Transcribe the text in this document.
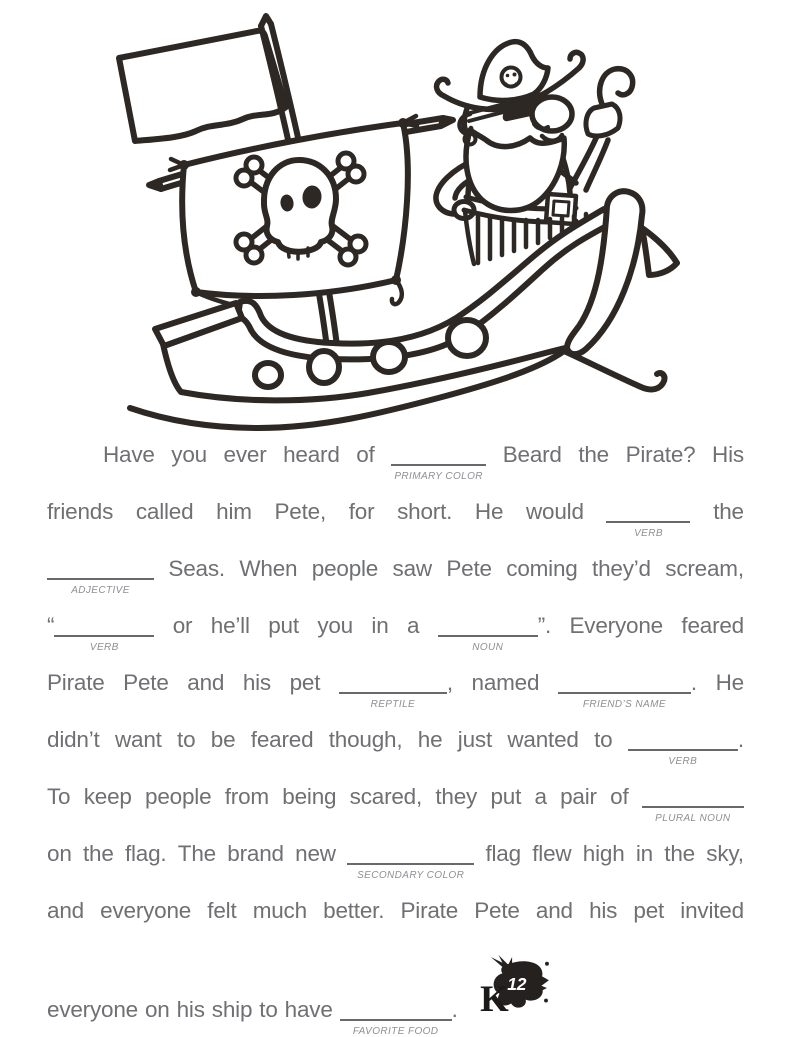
Have you ever heard of
PRIMARY COLOR
Beard the Pirate? His
friends called him Pete, for short. He would
VERB
the
ADJECTIVE
Seas. When people saw Pete coming they’d scream,
“
VERB
or he’ll put you in a
NOUN
”. Everyone feared
Pirate Pete and his pet
REPTILE
, named
FRIEND’S NAME
. He
didn’t want to be feared though, he just wanted to
VERB
.
To keep people from being scared, they put a pair of
PLURAL NOUN
on the flag. The brand new
SECONDARY COLOR
flag flew high in the sky,
and everyone felt much better. Pirate Pete and his pet invited
everyone on his ship to have
FAVORITE FOOD
.
12
K
